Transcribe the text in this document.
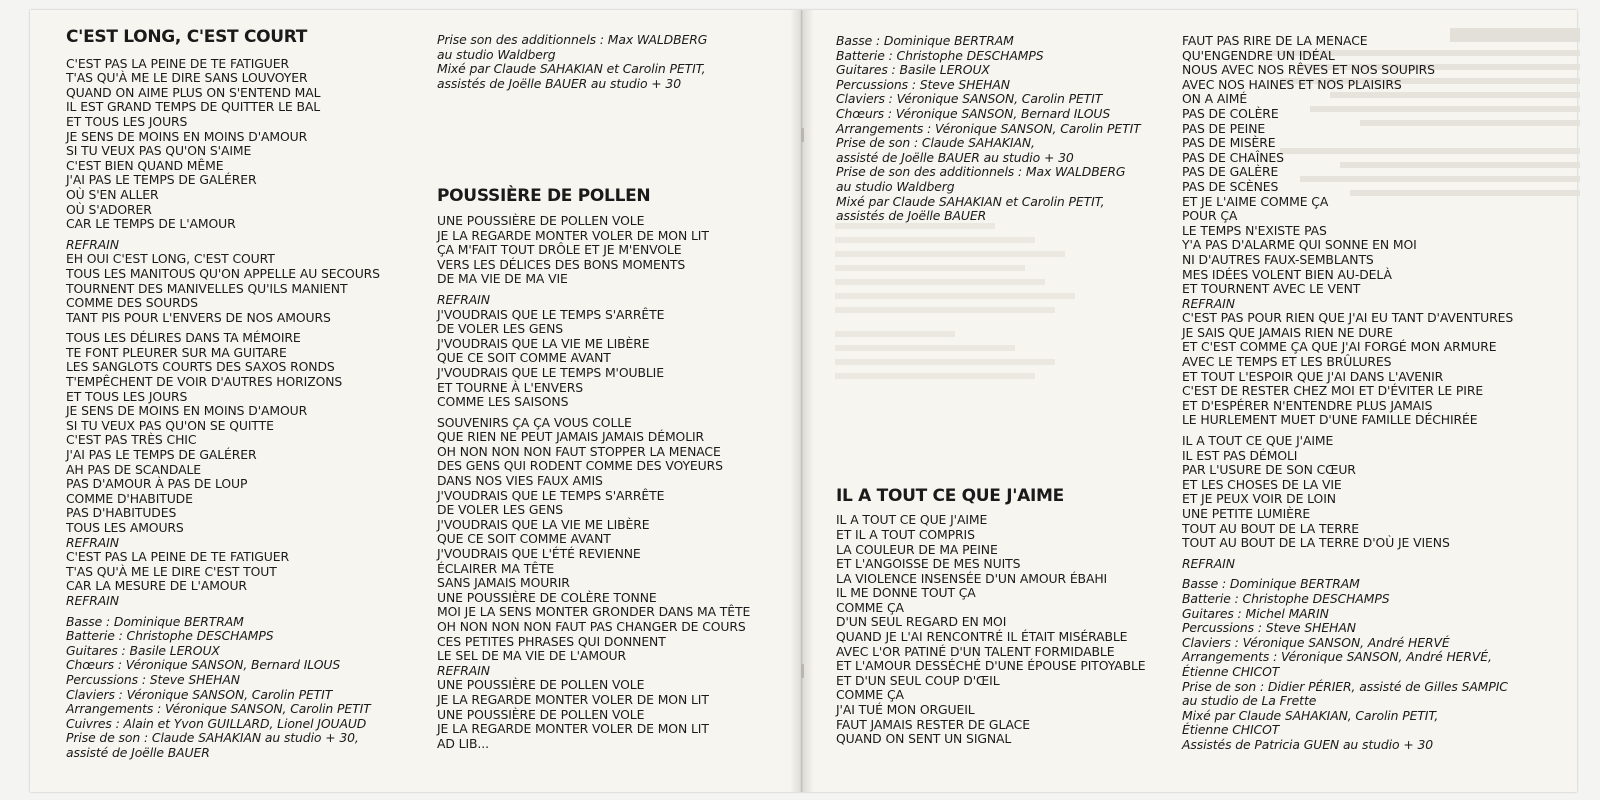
C'EST LONG, C'EST COURT

C'EST PAS LA PEINE DE TE FATIGUER

T'AS QU'À ME LE DIRE SANS LOUVOYER

QUAND ON AIME PLUS ON S'ENTEND MAL

IL EST GRAND TEMPS DE QUITTER LE BAL

ET TOUS LES JOURS

JE SENS DE MOINS EN MOINS D'AMOUR

SI TU VEUX PAS QU'ON S'AIME

C'EST BIEN QUAND MÊME

J'AI PAS LE TEMPS DE GALÉRER

OÙ S'EN ALLER

OÙ S'ADORER

CAR LE TEMPS DE L'AMOUR

REFRAIN

EH OUI C'EST LONG, C'EST COURT

TOUS LES MANITOUS QU'ON APPELLE AU SECOURS

TOURNENT DES MANIVELLES QU'ILS MANIENT

COMME DES SOURDS

TANT PIS POUR L'ENVERS DE NOS AMOURS

TOUS LES DÉLIRES DANS TA MÉMOIRE

TE FONT PLEURER SUR MA GUITARE

LES SANGLOTS COURTS DES SAXOS RONDS

T'EMPÊCHENT DE VOIR D'AUTRES HORIZONS

ET TOUS LES JOURS

JE SENS DE MOINS EN MOINS D'AMOUR

SI TU VEUX PAS QU'ON SE QUITTE

C'EST PAS TRÈS CHIC

J'AI PAS LE TEMPS DE GALÉRER

AH PAS DE SCANDALE

PAS D'AMOUR À PAS DE LOUP

COMME D'HABITUDE

PAS D'HABITUDES

TOUS LES AMOURS

REFRAIN

C'EST PAS LA PEINE DE TE FATIGUER

T'AS QU'À ME LE DIRE C'EST TOUT

CAR LA MESURE DE L'AMOUR

REFRAIN

Basse : Dominique BERTRAM

Batterie : Christophe DESCHAMPS

Guitares : Basile LEROUX

Chœurs : Véronique SANSON, Bernard ILOUS

Percussions : Steve SHEHAN

Claviers : Véronique SANSON, Carolin PETIT

Arrangements : Véronique SANSON, Carolin PETIT

Cuivres : Alain et Yvon GUILLARD, Lionel JOUAUD

Prise de son : Claude SAHAKIAN au studio + 30,

assisté de Joëlle BAUER

Prise son des additionnels : Max WALDBERG

au studio Waldberg

Mixé par Claude SAHAKIAN et Carolin PETIT,

assistés de Joëlle BAUER au studio + 30

POUSSIÈRE DE POLLEN

UNE POUSSIÈRE DE POLLEN VOLE

JE LA REGARDE MONTER VOLER DE MON LIT

ÇA M'FAIT TOUT DRÔLE ET JE M'ENVOLE

VERS LES DÉLICES DES BONS MOMENTS

DE MA VIE DE MA VIE

REFRAIN

J'VOUDRAIS QUE LE TEMPS S'ARRÊTE

DE VOLER LES GENS

J'VOUDRAIS QUE LA VIE ME LIBÈRE

QUE CE SOIT COMME AVANT

J'VOUDRAIS QUE LE TEMPS M'OUBLIE

ET TOURNE À L'ENVERS

COMME LES SAISONS

SOUVENIRS ÇA ÇA VOUS COLLE

QUE RIEN NE PEUT JAMAIS JAMAIS DÉMOLIR

OH NON NON NON FAUT STOPPER LA MENACE

DES GENS QUI RODENT COMME DES VOYEURS

DANS NOS VIES FAUX AMIS

J'VOUDRAIS QUE LE TEMPS S'ARRÊTE

DE VOLER LES GENS

J'VOUDRAIS QUE LA VIE ME LIBÈRE

QUE CE SOIT COMME AVANT

J'VOUDRAIS QUE L'ÉTÉ REVIENNE

ÉCLAIRER MA TÊTE

SANS JAMAIS MOURIR

UNE POUSSIÈRE DE COLÈRE TONNE

MOI JE LA SENS MONTER GRONDER DANS MA TÊTE

OH NON NON NON FAUT PAS CHANGER DE COURS

CES PETITES PHRASES QUI DONNENT

LE SEL DE MA VIE DE L'AMOUR

REFRAIN

UNE POUSSIÈRE DE POLLEN VOLE

JE LA REGARDE MONTER VOLER DE MON LIT

UNE POUSSIÈRE DE POLLEN VOLE

JE LA REGARDE MONTER VOLER DE MON LIT

AD LIB...

Basse : Dominique BERTRAM

Batterie : Christophe DESCHAMPS

Guitares : Basile LEROUX

Percussions : Steve SHEHAN

Claviers : Véronique SANSON, Carolin PETIT

Chœurs : Véronique SANSON, Bernard ILOUS

Arrangements : Véronique SANSON, Carolin PETIT

Prise de son : Claude SAHAKIAN,

assisté de Joëlle BAUER au studio + 30

Prise de son des additionnels : Max WALDBERG

au studio Waldberg

Mixé par Claude SAHAKIAN et Carolin PETIT,

assistés de Joëlle BAUER

IL A TOUT CE QUE J'AIME

IL A TOUT CE QUE J'AIME

ET IL A TOUT COMPRIS

LA COULEUR DE MA PEINE

ET L'ANGOISSE DE MES NUITS

LA VIOLENCE INSENSÉE D'UN AMOUR ÉBAHI

IL ME DONNE TOUT ÇA

COMME ÇA

D'UN SEUL REGARD EN MOI

QUAND JE L'AI RENCONTRÉ IL ÉTAIT MISÉRABLE

AVEC L'OR PATINÉ D'UN TALENT FORMIDABLE

ET L'AMOUR DESSÉCHÉ D'UNE ÉPOUSE PITOYABLE

ET D'UN SEUL COUP D'ŒIL

COMME ÇA

J'AI TUÉ MON ORGUEIL

FAUT JAMAIS RESTER DE GLACE

QUAND ON SENT UN SIGNAL

FAUT PAS RIRE DE LA MENACE

QU'ENGENDRE UN IDÉAL

NOUS AVEC NOS RÊVES ET NOS SOUPIRS

AVEC NOS HAINES ET NOS PLAISIRS

ON A AIMÉ

PAS DE COLÈRE

PAS DE PEINE

PAS DE MISÈRE

PAS DE CHAÎNES

PAS DE GALÈRE

PAS DE SCÈNES

ET JE L'AIME COMME ÇA

POUR ÇA

LE TEMPS N'EXISTE PAS

Y'A PAS D'ALARME QUI SONNE EN MOI

NI D'AUTRES FAUX-SEMBLANTS

MES IDÉES VOLENT BIEN AU-DELÀ

ET TOURNENT AVEC LE VENT

REFRAIN

C'EST PAS POUR RIEN QUE J'AI EU TANT D'AVENTURES

JE SAIS QUE JAMAIS RIEN NE DURE

ET C'EST COMME ÇA QUE J'AI FORGÉ MON ARMURE

AVEC LE TEMPS ET LES BRÛLURES

ET TOUT L'ESPOIR QUE J'AI DANS L'AVENIR

C'EST DE RESTER CHEZ MOI ET D'ÉVITER LE PIRE

ET D'ESPÉRER N'ENTENDRE PLUS JAMAIS

LE HURLEMENT MUET D'UNE FAMILLE DÉCHIRÉE

IL A TOUT CE QUE J'AIME

IL EST PAS DÉMOLI

PAR L'USURE DE SON CŒUR

ET LES CHOSES DE LA VIE

ET JE PEUX VOIR DE LOIN

UNE PETITE LUMIÈRE

TOUT AU BOUT DE LA TERRE

TOUT AU BOUT DE LA TERRE D'OÙ JE VIENS

REFRAIN

Basse : Dominique BERTRAM

Batterie : Christophe DESCHAMPS

Guitares : Michel MARIN

Percussions : Steve SHEHAN

Claviers : Véronique SANSON, André HERVÉ

Arrangements : Véronique SANSON, André HERVÉ,

Étienne CHICOT

Prise de son : Didier PÉRIER, assisté de Gilles SAMPIC

au studio de La Frette

Mixé par Claude SAHAKIAN, Carolin PETIT,

Étienne CHICOT

Assistés de Patricia GUEN au studio + 30
